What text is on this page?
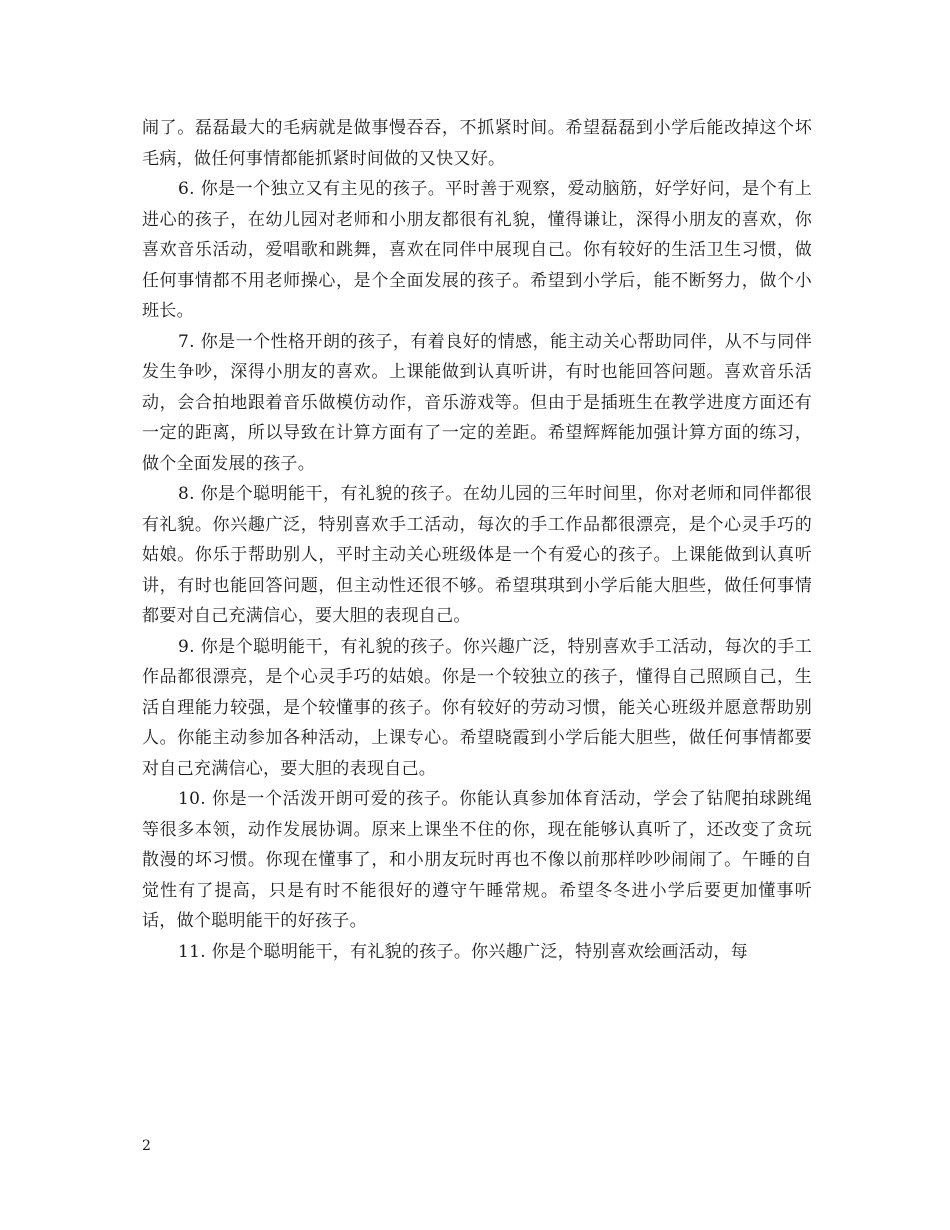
闹了。磊磊最大的毛病就是做事慢吞吞，不抓紧时间。希望磊磊到小学后能改掉这个坏毛病，做任何事情都能抓紧时间做的又快又好。

6. 你是一个独立又有主见的孩子。平时善于观察，爱动脑筋，好学好问，是个有上进心的孩子，在幼儿园对老师和小朋友都很有礼貌，懂得谦让，深得小朋友的喜欢，你喜欢音乐活动，爱唱歌和跳舞，喜欢在同伴中展现自己。你有较好的生活卫生习惯，做任何事情都不用老师操心，是个全面发展的孩子。希望到小学后，能不断努力，做个小班长。

7. 你是一个性格开朗的孩子，有着良好的情感，能主动关心帮助同伴，从不与同伴发生争吵，深得小朋友的喜欢。上课能做到认真听讲，有时也能回答问题。喜欢音乐活动，会合拍地跟着音乐做模仿动作，音乐游戏等。但由于是插班生在教学进度方面还有一定的距离，所以导致在计算方面有了一定的差距。希望辉辉能加强计算方面的练习，做个全面发展的孩子。

8. 你是个聪明能干，有礼貌的孩子。在幼儿园的三年时间里，你对老师和同伴都很有礼貌。你兴趣广泛，特别喜欢手工活动，每次的手工作品都很漂亮，是个心灵手巧的姑娘。你乐于帮助别人，平时主动关心班级体是一个有爱心的孩子。上课能做到认真听讲，有时也能回答问题，但主动性还很不够。希望琪琪到小学后能大胆些，做任何事情都要对自己充满信心，要大胆的表现自己。

9. 你是个聪明能干，有礼貌的孩子。你兴趣广泛，特别喜欢手工活动，每次的手工作品都很漂亮，是个心灵手巧的姑娘。你是一个较独立的孩子，懂得自己照顾自己，生活自理能力较强，是个较懂事的孩子。你有较好的劳动习惯，能关心班级并愿意帮助别人。你能主动参加各种活动，上课专心。希望晓霞到小学后能大胆些，做任何事情都要对自己充满信心，要大胆的表现自己。

10. 你是一个活泼开朗可爱的孩子。你能认真参加体育活动，学会了钻爬拍球跳绳等很多本领，动作发展协调。原来上课坐不住的你，现在能够认真听了，还改变了贪玩散漫的坏习惯。你现在懂事了，和小朋友玩时再也不像以前那样吵吵闹闹了。午睡的自觉性有了提高，只是有时不能很好的遵守午睡常规。希望冬冬进小学后要更加懂事听话，做个聪明能干的好孩子。

11. 你是个聪明能干，有礼貌的孩子。你兴趣广泛，特别喜欢绘画活动，每

2
